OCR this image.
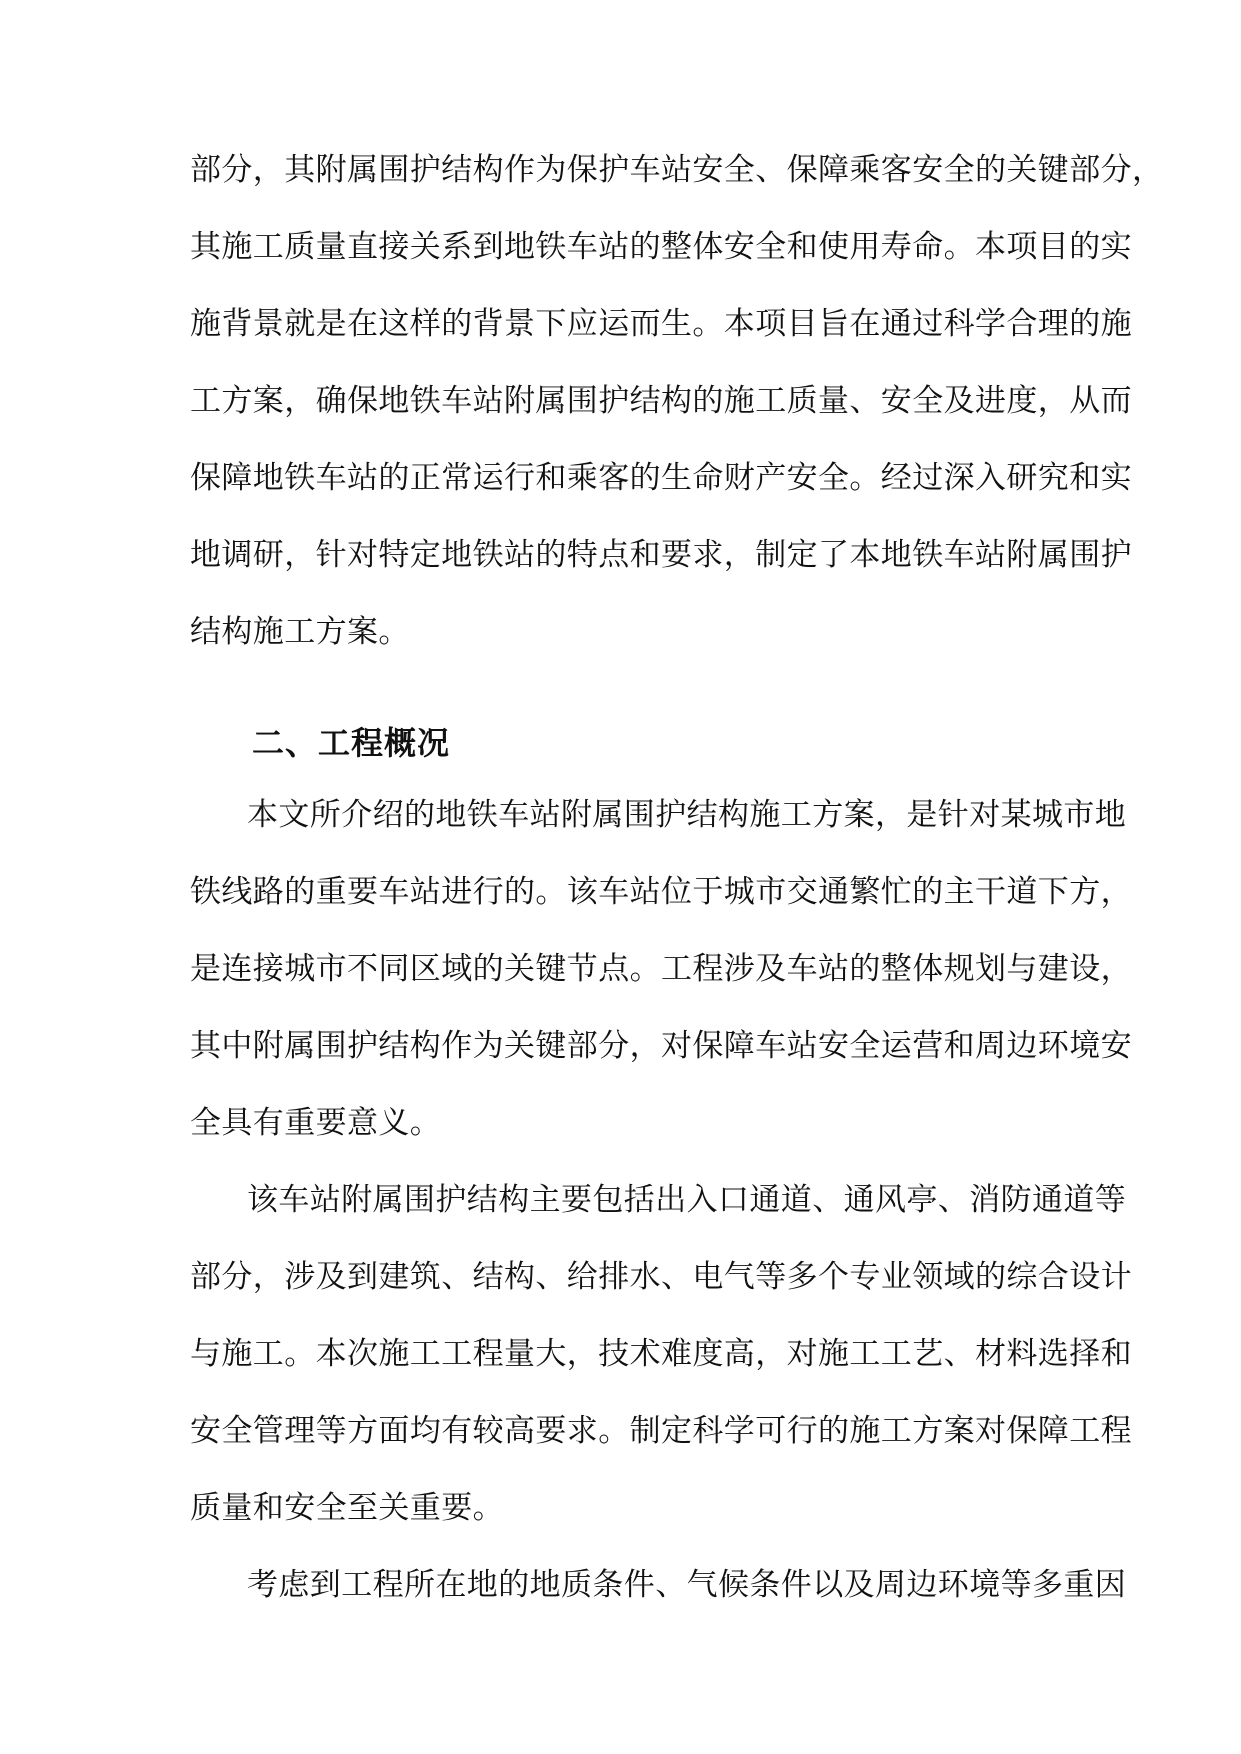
部分，其附属围护结构作为保护车站安全、保障乘客安全的关键部分，
其施工质量直接关系到地铁车站的整体安全和使用寿命。本项目的实
施背景就是在这样的背景下应运而生。本项目旨在通过科学合理的施
工方案，确保地铁车站附属围护结构的施工质量、安全及进度，从而
保障地铁车站的正常运行和乘客的生命财产安全。经过深入研究和实
地调研，针对特定地铁站的特点和要求，制定了本地铁车站附属围护
结构施工方案。
二、工程概况
本文所介绍的地铁车站附属围护结构施工方案，是针对某城市地
铁线路的重要车站进行的。该车站位于城市交通繁忙的主干道下方，
是连接城市不同区域的关键节点。工程涉及车站的整体规划与建设，
其中附属围护结构作为关键部分，对保障车站安全运营和周边环境安
全具有重要意义。
该车站附属围护结构主要包括出入口通道、通风亭、消防通道等
部分，涉及到建筑、结构、给排水、电气等多个专业领域的综合设计
与施工。本次施工工程量大，技术难度高，对施工工艺、材料选择和
安全管理等方面均有较高要求。制定科学可行的施工方案对保障工程
质量和安全至关重要。
考虑到工程所在地的地质条件、气候条件以及周边环境等多重因
